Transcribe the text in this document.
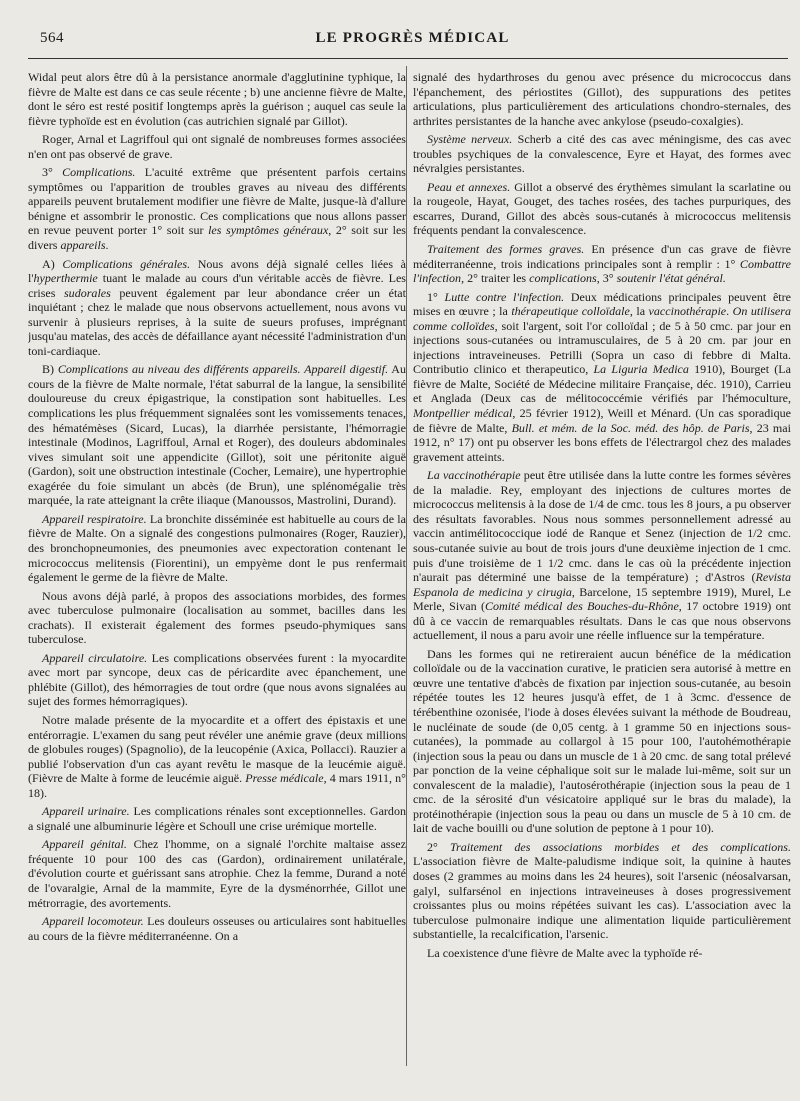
564	LE PROGRÈS MÉDICAL

Widal peut alors être dû à la persistance anormale d'agglutinine typhique, la fièvre de Malte est dans ce cas seule récente ; b) une ancienne fièvre de Malte, dont le séro est resté positif longtemps après la guérison ; auquel cas seule la fièvre typhoïde est en évolution (cas autrichien signalé par Gillot).

Roger, Arnal et Lagriffoul qui ont signalé de nombreuses formes associées n'en ont pas observé de grave.

3° Complications. L'acuité extrême que présentent parfois certains symptômes ou l'apparition de troubles graves au niveau des différents appareils peuvent brutalement modifier une fièvre de Malte, jusque-là d'allure bénigne et assombrir le pronostic. Ces complications que nous allons passer en revue peuvent porter 1° soit sur les symptômes généraux, 2° soit sur les divers appareils.

A) Complications générales. Nous avons déjà signalé celles liées à l'hyperthermie tuant le malade au cours d'un véritable accès de fièvre. Les crises sudorales peuvent également par leur abondance créer un état inquiétant ; chez le malade que nous observons actuellement, nous avons vu survenir à plusieurs reprises, à la suite de sueurs profuses, imprégnant jusqu'au matelas, des accès de défaillance ayant nécessité l'administration d'un toni-cardiaque.

B) Complications au niveau des différents appareils. Appareil digestif. Au cours de la fièvre de Malte normale, l'état saburral de la langue, la sensibilité douloureuse du creux épigastrique, la constipation sont habituelles. Les complications les plus fréquemment signalées sont les vomissements tenaces, des hématémèses (Sicard, Lucas), la diarrhée persistante, l'hémorragie intestinale (Modinos, Lagriffoul, Arnal et Roger), des douleurs abdominales vives simulant soit une appendicite (Gillot), soit une péritonite aiguë (Gardon), soit une obstruction intestinale (Cocher, Lemaire), une hypertrophie exagérée du foie simulant un abcès (de Brun), une splénomégalie très marquée, la rate atteignant la crête iliaque (Manoussos, Mastrolini, Durand).

Appareil respiratoire. La bronchite disséminée est habituelle au cours de la fièvre de Malte. On a signalé des congestions pulmonaires (Roger, Rauzier), des bronchopneumonies, des pneumonies avec expectoration contenant le micrococcus melitensis (Fiorentini), un empyème dont le pus renfermait également le germe de la fièvre de Malte.

Nous avons déjà parlé, à propos des associations morbides, des formes avec tuberculose pulmonaire (localisation au sommet, bacilles dans les crachats). Il existerait également des formes pseudo-phymiques sans tuberculose.

Appareil circulatoire. Les complications observées furent : la myocardite avec mort par syncope, deux cas de péricardite avec épanchement, une phlébite (Gillot), des hémorragies de tout ordre (que nous avons signalées au sujet des formes hémorragiques).

Notre malade présente de la myocardite et a offert des épistaxis et une entérorragie. L'examen du sang peut révéler une anémie grave (deux millions de globules rouges) (Spagnolio), de la leucopénie (Axica, Pollacci). Rauzier a publié l'observation d'un cas ayant revêtu le masque de la leucémie aiguë. (Fièvre de Malte à forme de leucémie aiguë. Presse médicale, 4 mars 1911, n° 18).

Appareil urinaire. Les complications rénales sont exceptionnelles. Gardon a signalé une albuminurie légère et Schoull une crise urémique mortelle.

Appareil génital. Chez l'homme, on a signalé l'orchite maltaise assez fréquente 10 pour 100 des cas (Gardon), ordinairement unilatérale, d'évolution courte et guérissant sans atrophie. Chez la femme, Durand a noté de l'ovaralgie, Arnal de la mammite, Eyre de la dysménorrhée, Gillot une métrorragie, des avortements.

Appareil locomoteur. Les douleurs osseuses ou articulaires sont habituelles au cours de la fièvre méditerranéenne. On a

signalé des hydarthroses du genou avec présence du micrococcus dans l'épanchement, des périostites (Gillot), des suppurations des petites articulations, plus particulièrement des articulations chondro-sternales, des arthrites persistantes de la hanche avec ankylose (pseudo-coxalgies).

Système nerveux. Scherb a cité des cas avec méningisme, des cas avec troubles psychiques de la convalescence, Eyre et Hayat, des formes avec névralgies persistantes.

Peau et annexes. Gillot a observé des érythèmes simulant la scarlatine ou la rougeole, Hayat, Gouget, des taches rosées, des taches purpuriques, des escarres, Durand, Gillot des abcès sous-cutanés à micrococcus melitensis fréquents pendant la convalescence.

Traitement des formes graves. En présence d'un cas grave de fièvre méditerranéenne, trois indications principales sont à remplir : 1° Combattre l'infection, 2° traiter les complications, 3° soutenir l'état général.

1° Lutte contre l'infection. Deux médications principales peuvent être mises en œuvre ; la thérapeutique colloïdale, la vaccinothérapie. On utilisera comme colloïdes, soit l'argent, soit l'or colloïdal ; de 5 à 50 cmc. par jour en injections sous-cutanées ou intramusculaires, de 5 à 20 cm. par jour en injections intraveineuses. Petrilli (Sopra un caso di febbre di Malta. Contributio clinico et therapeutico, La Liguria Medica 1910), Bourget (La fièvre de Malte, Société de Médecine militaire Française, déc. 1910), Carrieu et Anglada (Deux cas de mélitococcémie vérifiés par l'hémoculture, Montpellier médical, 25 février 1912), Weill et Ménard. (Un cas sporadique de fièvre de Malte, Bull. et mém. de la Soc. méd. des hôp. de Paris, 23 mai 1912, n° 17) ont pu observer les bons effets de l'électrargol chez des malades gravement atteints.

La vaccinothérapie peut être utilisée dans la lutte contre les formes sévères de la maladie. Rey, employant des injections de cultures mortes de micrococcus melitensis à la dose de 1/4 de cmc. tous les 8 jours, a pu observer des résultats favorables. Nous nous sommes personnellement adressé au vaccin antimélitococcique iodé de Ranque et Senez (injection de 1/2 cmc. sous-cutanée suivie au bout de trois jours d'une deuxième injection de 1 cmc. puis d'une troisième de 1 1/2 cmc. dans le cas où la précédente injection n'aurait pas déterminé une baisse de la température) ; d'Astros (Revista Espanola de medicina y cirugia, Barcelone, 15 septembre 1919), Murel, Le Merle, Sivan (Comité médical des Bouches-du-Rhône, 17 octobre 1919) ont dû à ce vaccin de remarquables résultats. Dans le cas que nous observons actuellement, il nous a paru avoir une réelle influence sur la température.

Dans les formes qui ne retireraient aucun bénéfice de la médication colloïdale ou de la vaccination curative, le praticien sera autorisé à mettre en œuvre une tentative d'abcès de fixation par injection sous-cutanée, au besoin répétée toutes les 12 heures jusqu'à effet, de 1 à 3cmc. d'essence de térébenthine ozonisée, l'iode à doses élevées suivant la méthode de Boudreau, le nucléinate de soude (de 0,05 centg. à 1 gramme 50 en injections sous-cutanées), la pommade au collargol à 15 pour 100, l'autohémothérapie (injection sous la peau ou dans un muscle de 1 à 20 cmc. de sang total prélevé par ponction de la veine céphalique soit sur le malade lui-même, soit sur un convalescent de la maladie), l'autosérothérapie (injection sous la peau de 1 cmc. de la sérosité d'un vésicatoire appliqué sur le bras du malade), la protéinothérapie (injection sous la peau ou dans un muscle de 5 à 10 cm. de lait de vache bouilli ou d'une solution de peptone à 1 pour 10).

2° Traitement des associations morbides et des complications. L'association fièvre de Malte-paludisme indique soit, la quinine à hautes doses (2 grammes au moins dans les 24 heures), soit l'arsenic (néosalvarsan, galyl, sulfarsénol en injections intraveineuses à doses progressivement croissantes plus ou moins répétées suivant les cas). L'association avec la tuberculose pulmonaire indique une alimentation liquide particulièrement substantielle, la recalcification, l'arsenic.

La coexistence d'une fièvre de Malte avec la typhoïde ré-
